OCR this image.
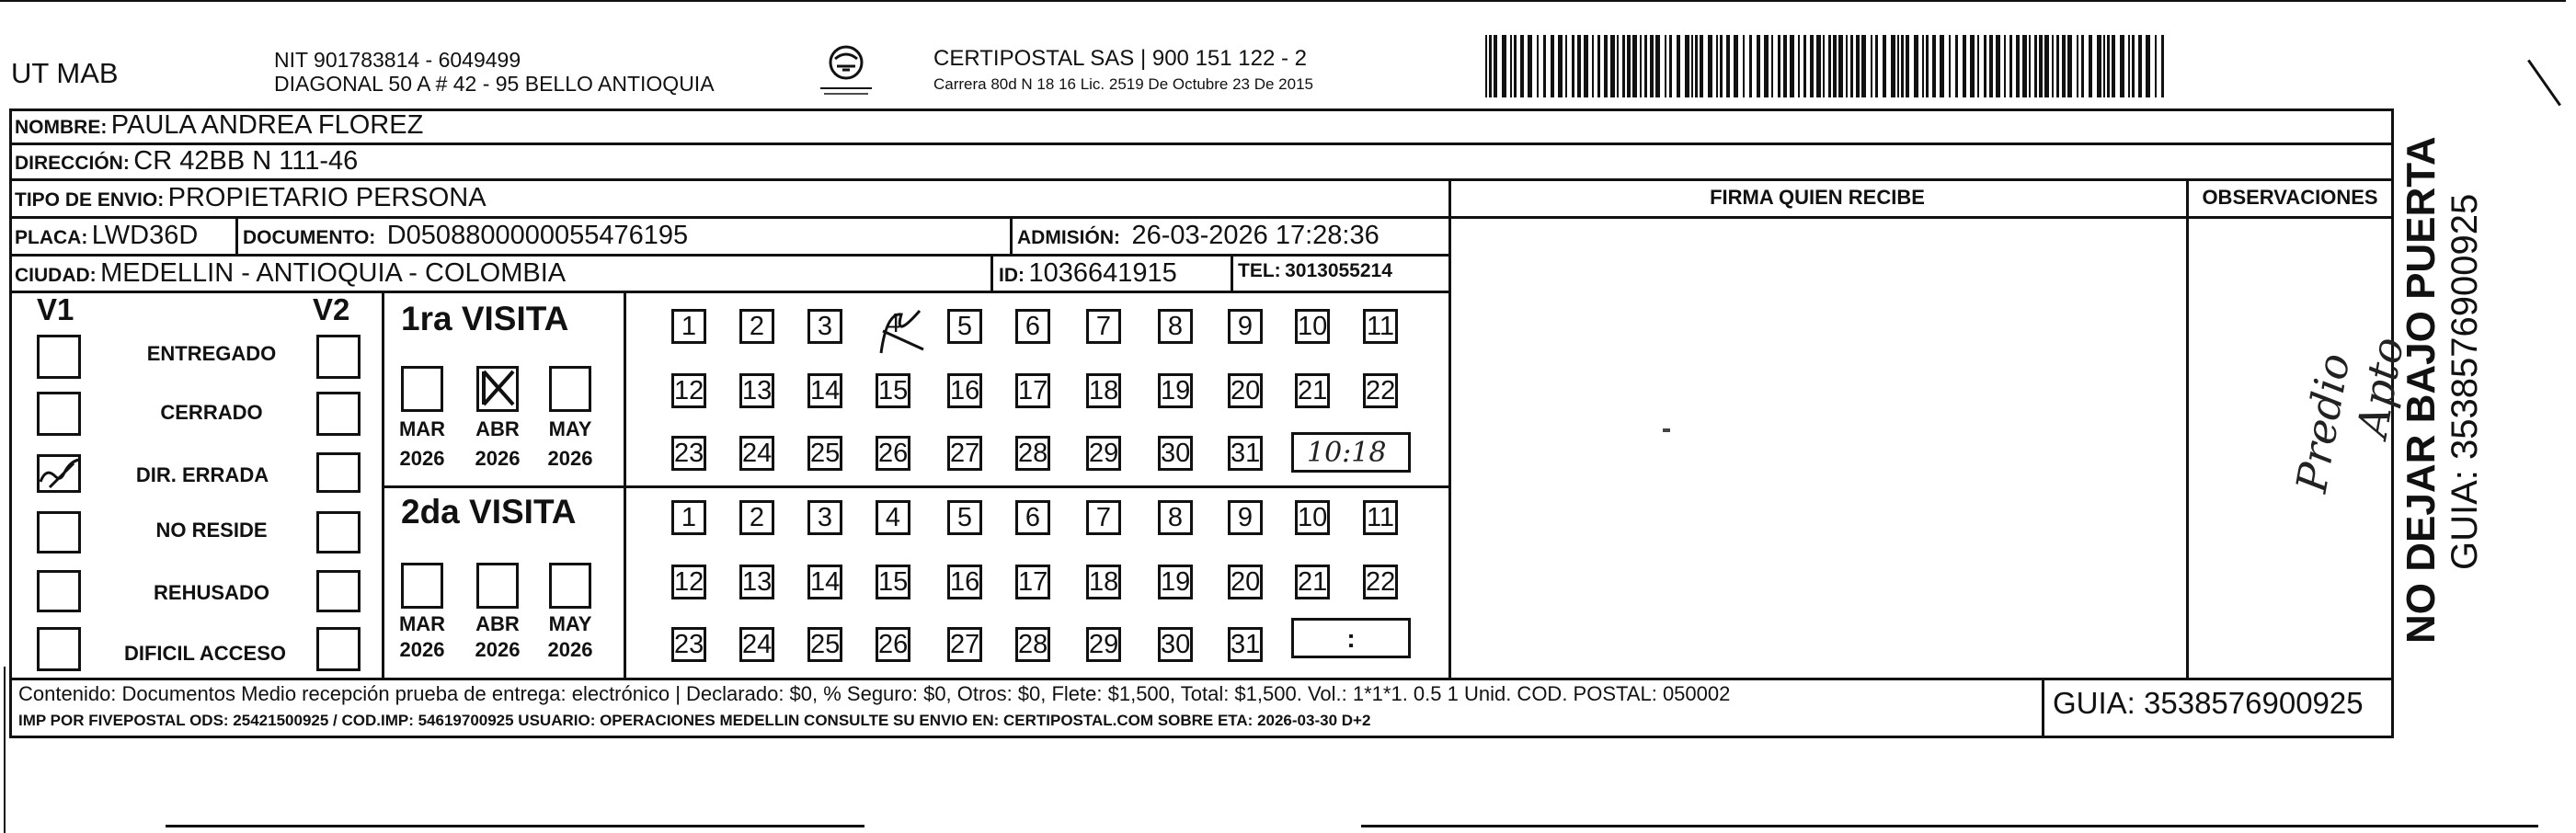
UT MAB	NIT 901783814 - 6049499
DIAGONAL 50 A # 42 - 95 BELLO ANTIOQUIA
CERTIPOSTAL SAS | 900 151 122 - 2
Carrera 80d N 18 16 Lic. 2519 De Octubre 23 De 2015
NOMBRE: PAULA ANDREA FLOREZ
DIRECCIÓN: CR 42BB N 111-46
TIPO DE ENVIO: PROPIETARIO PERSONA
PLACA: LWD36D DOCUMENTO: D0508800000055476195	ADMISIÓN: 26-03-2026 17:28:36
CIUDAD: MEDELLIN - ANTIOQUIA - COLOMBIA	ID: 1036641915	TEL: 3013055214
FIRMA QUIEN RECIBE	OBSERVACIONES
V1	V2
ENTREGADO
CERRADO
DIR. ERRADA
NO RESIDE
REHUSADO
DIFICIL ACCESO
1ra VISITA
MAR	ABR	MAY
2026	2026	2026
1	2	3	4	5	6	7	8	9	10 11
12 13 14 15 16 17 18 19 20 21 22
23 24 25 26 27 28 29 30 31 10:18
2da VISITA
MAR	ABR	MAY
2026	2026	2026
1	2	3	4	5	6	7	8	9	10 11
12 13 14 15 16 17 18 19 20 21 22
23 24 25 26 27 28 29 30 31	:
Predio
Apto
Contenido: Documentos Medio recepción prueba de entrega: electrónico | Declarado: $0, % Seguro: $0, Otros: $0, Flete: $1,500, Total: $1,500. Vol.: 1*1*1. 0.5 1 Unid. COD. POSTAL: 050002
IMP POR FIVEPOSTAL ODS: 25421500925 / COD.IMP: 54619700925 USUARIO: OPERACIONES MEDELLIN CONSULTE SU ENVIO EN: CERTIPOSTAL.COM SOBRE ETA: 2026-03-30 D+2
GUIA: 3538576900925
NO DEJAR BAJO PUERTA GUIA: 3538576900925
